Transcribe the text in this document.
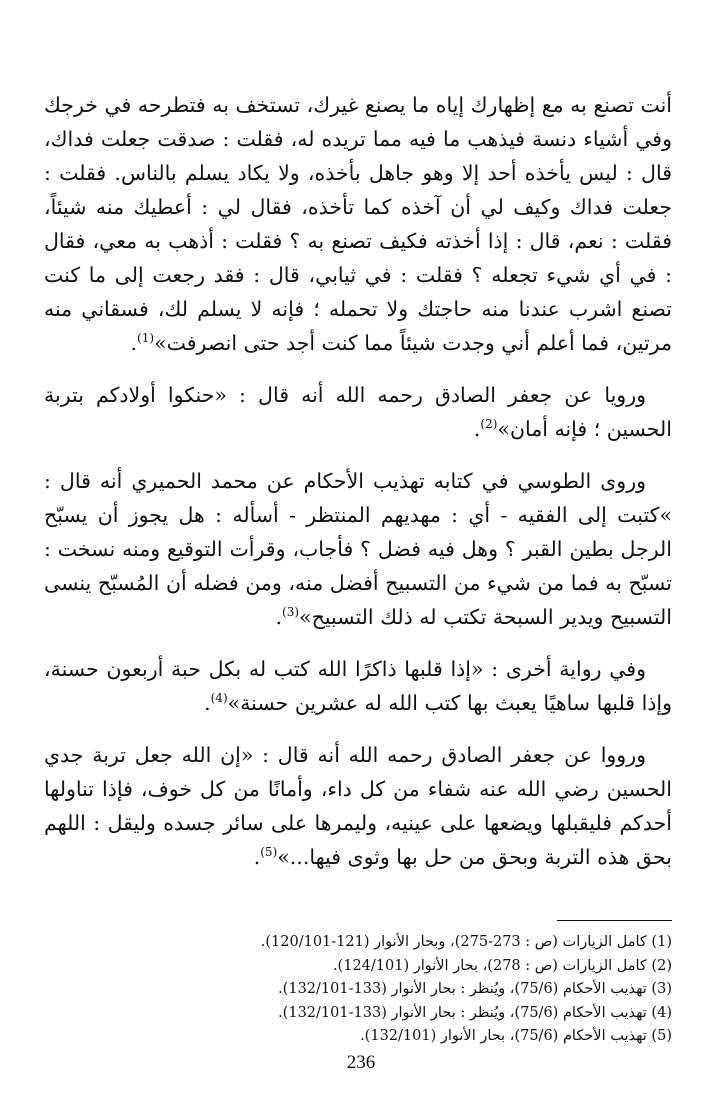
أنت تصنع به مع إظهارك إياه ما يصنع غيرك، تستخف به فتطرحه في خرجك وفي أشياء دنسة فيذهب ما فيه مما تريده له، فقلت : صدقت جعلت فداك، قال : ليس يأخذه أحد إلا وهو جاهل بأخذه، ولا يكاد يسلم بالناس. فقلت : جعلت فداك وكيف لي أن آخذه كما تأخذه، فقال لي : أعطيك منه شيئاً، فقلت : نعم، قال : إذا أخذته فكيف تصنع به ؟ فقلت : أذهب به معي، فقال : في أي شيء تجعله ؟ فقلت : في ثيابي، قال : فقد رجعت إلى ما كنت تصنع اشرب عندنا منه حاجتك ولا تحمله ؛ فإنه لا يسلم لك، فسقاني منه مرتين، فما أعلم أني وجدت شيئاً مما كنت أجد حتى انصرفت»$^{(1)}$.

ورويا عن جعفر الصادق رحمه الله أنه قال : «حنكوا أولادكم بتربة الحسين ؛ فإنه أمان»$^{(2)}$.

وروى الطوسي في كتابه تهذيب الأحكام عن محمد الحميري أنه قال : »كتبت إلى الفقيه - أي : مهديهم المنتظر - أسأله : هل يجوز أن يسبّح الرجل بطين القبر ؟ وهل فيه فضل ؟ فأجاب، وقرأت التوقيع ومنه نسخت : تسبّح به فما من شيء من التسبيح أفضل منه، ومن فضله أن المُسبّح ينسى التسبيح ويدير السبحة تكتب له ذلك التسبيح»$^{(3)}$.

وفي رواية أخرى : «إذا قلبها ذاكرًا الله كتب له بكل حبة أربعون حسنة، وإذا قلبها ساهيًا يعبث بها كتب الله له عشرين حسنة»$^{(4)}$.

ورووا عن جعفر الصادق رحمه الله أنه قال : «إن الله جعل تربة جدي الحسين رضي الله عنه شفاء من كل داء، وأمانًا من كل خوف، فإذا تناولها أحدكم فليقبلها ويضعها على عينيه، وليمرها على سائر جسده وليقل : اللهم بحق هذه التربة وبحق من حل بها وثوى فيها...»$^{(5)}$.

(1) كامل الزيارات (ص : 273-275)، وبحار الأنوار (121-120/101).

(2) كامل الزيارات (ص : 278)، بحار الأنوار (124/101).

(3) تهذيب الأحكام (75/6)، ويُنظر : بحار الأنوار (133-132/101).

(4) تهذيب الأحكام (75/6)، ويُنظر : بحار الأنوار (133-132/101).

(5) تهذيب الأحكام (75/6)، بحار الأنوار (132/101).

236
